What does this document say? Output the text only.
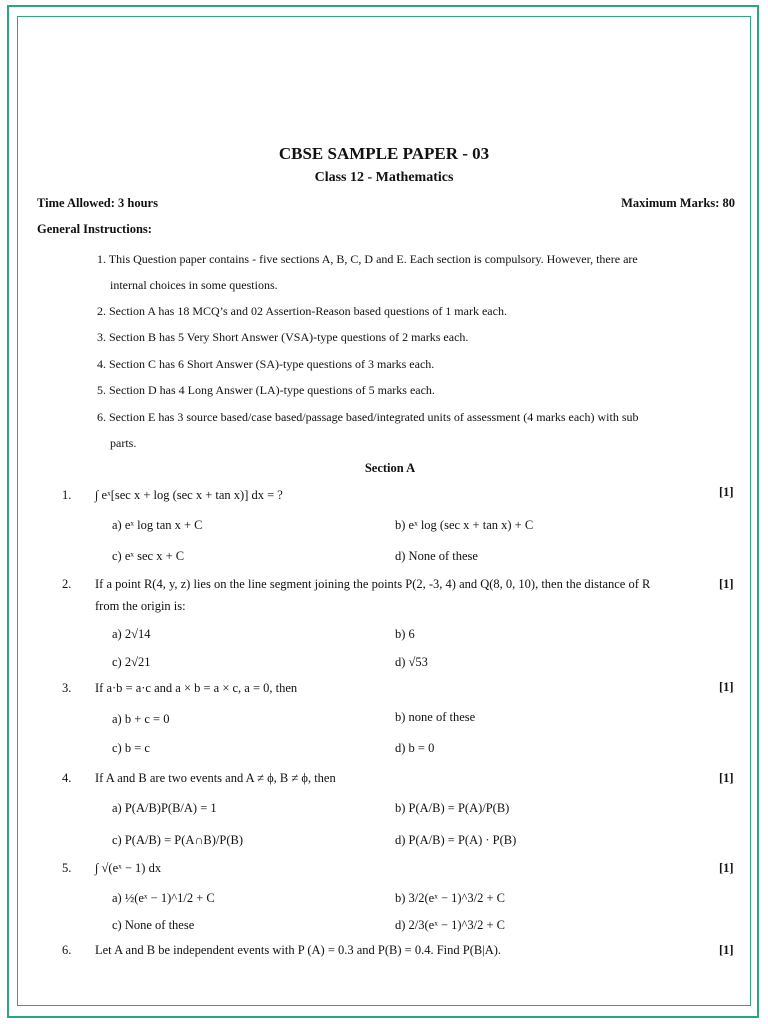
CBSE SAMPLE PAPER - 03
Class 12 - Mathematics
Time Allowed: 3 hours	Maximum Marks: 80
General Instructions:
1. This Question paper contains - five sections A, B, C, D and E. Each section is compulsory. However, there are
internal choices in some questions.
2. Section A has 18 MCQ’s and 02 Assertion-Reason based questions of 1 mark each.
3. Section B has 5 Very Short Answer (VSA)-type questions of 2 marks each.
4. Section C has 6 Short Answer (SA)-type questions of 3 marks each.
5. Section D has 4 Long Answer (LA)-type questions of 5 marks each.
6. Section E has 3 source based/case based/passage based/integrated units of assessment (4 marks each) with sub
parts.
Section A
1. ∫ eˣ[sec x + log (sec x + tan x)] dx = ?	[1]
a) eˣ log tan x + C	b) eˣ log (sec x + tan x) + C
c) eˣ sec x + C	d) None of these
2. If a point R(4, y, z) lies on the line segment joining the points P(2, -3, 4) and Q(8, 0, 10), then the distance of R
from the origin is:
[1]
a) 2√14	b) 6
c) 2√21	d) √53
3. If a·b = a·c and a × b = a × c, a = 0, then	[1]
a) b + c = 0	b) none of these
c) b = c	d) b = 0
4. If A and B are two events and A ≠ ϕ, B ≠ ϕ, then	[1]
a) P(A/B)P(B/A) = 1	b) P(A/B) = P(A)/P(B)
c) P(A/B) = P(A∩B)/P(B)	d) P(A/B) = P(A) · P(B)
5. ∫ √(eˣ − 1) dx	[1]
a) ½(eˣ − 1)^1/2 + C	b) 3/2(eˣ − 1)^3/2 + C
c) None of these	d) 2/3(eˣ − 1)^3/2 + C
6. Let A and B be independent events with P (A) = 0.3 and P(B) = 0.4. Find P(B|A).	[1]
